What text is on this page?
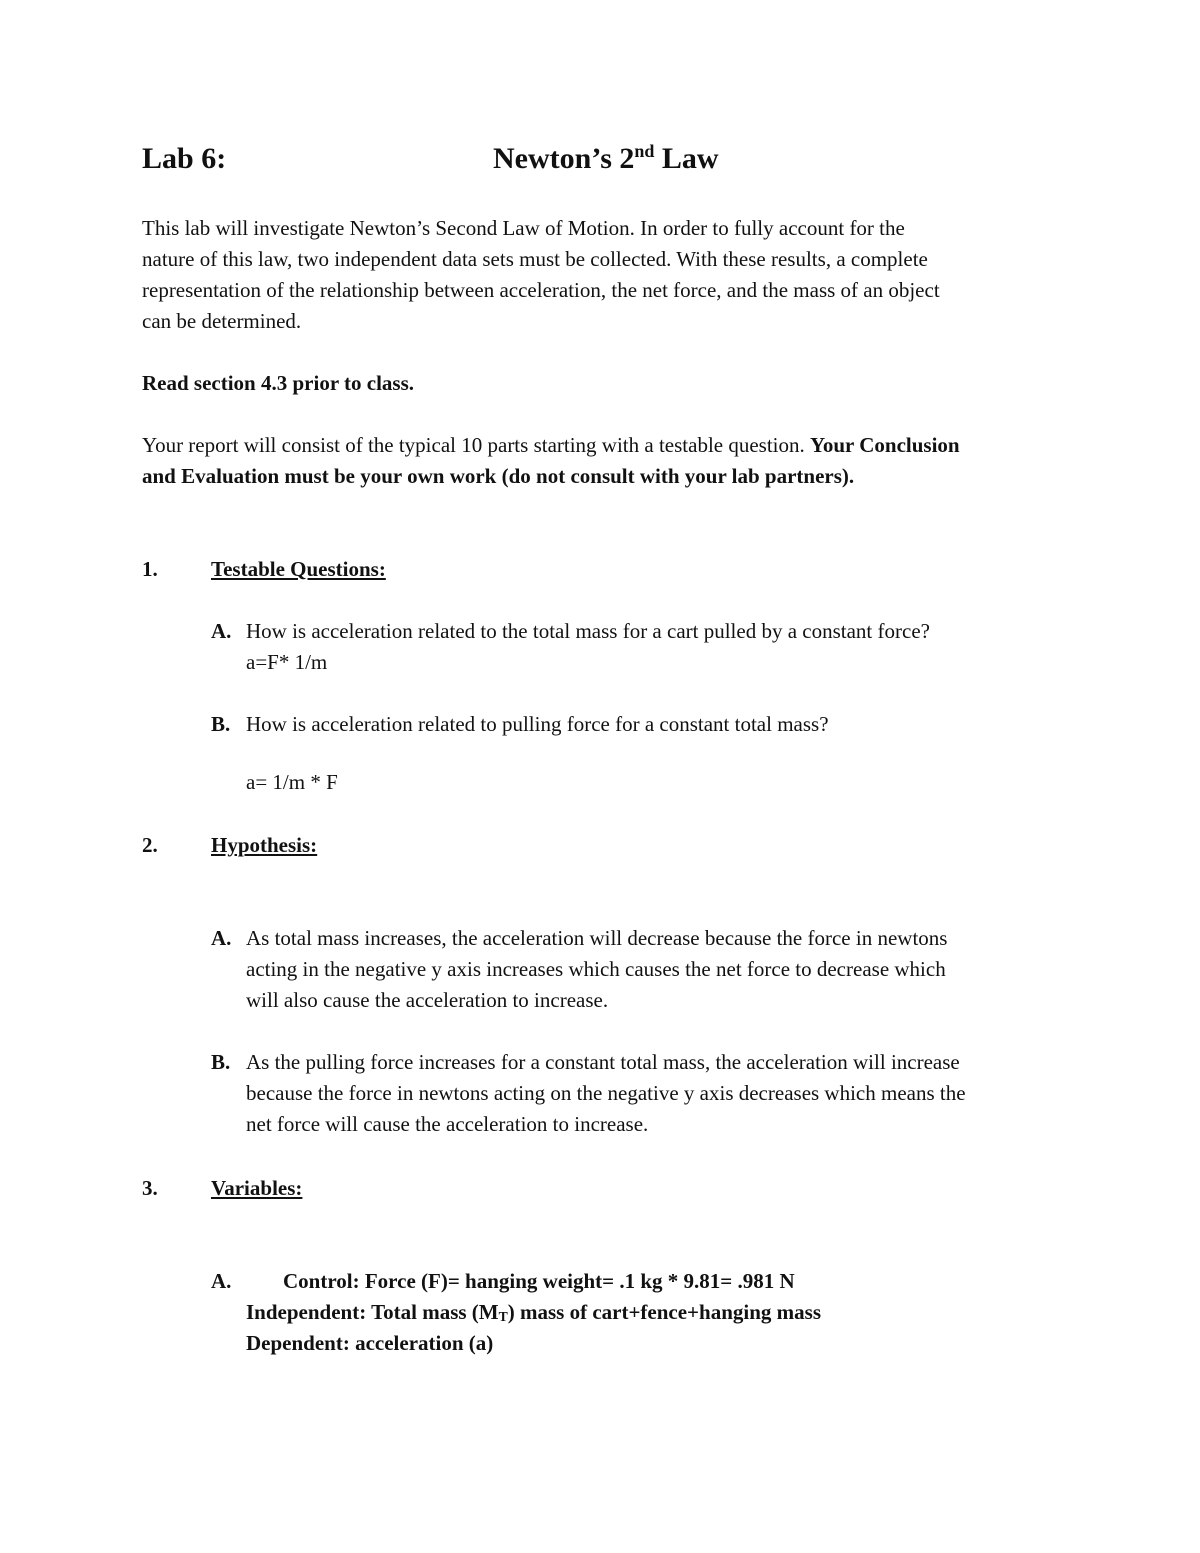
Lab 6:	Newton’s 2nd Law
This lab will investigate Newton’s Second Law of Motion. In order to fully account for the
nature of this law, two independent data sets must be collected. With these results, a complete
representation of the relationship between acceleration, the net force, and the mass of an object
can be determined.
Read section 4.3 prior to class.
Your report will consist of the typical 10 parts starting with a testable question. Your Conclusion
and Evaluation must be your own work (do not consult with your lab partners).
1.	Testable Questions:
A. How is acceleration related to the total mass for a cart pulled by a constant force?
a=F* 1/m
B. How is acceleration related to pulling force for a constant total mass?
a= 1/m * F
2.	Hypothesis:
A. As total mass increases, the acceleration will decrease because the force in newtons
acting in the negative y axis increases which causes the net force to decrease which
will also cause the acceleration to increase.
B. As the pulling force increases for a constant total mass, the acceleration will increase
because the force in newtons acting on the negative y axis decreases which means the
net force will cause the acceleration to increase.
3.	Variables:
A. Control: Force (F)= hanging weight= .1 kg * 9.81= .981 N
Independent: Total mass (MT) mass of cart+fence+hanging mass
Dependent: acceleration (a)
